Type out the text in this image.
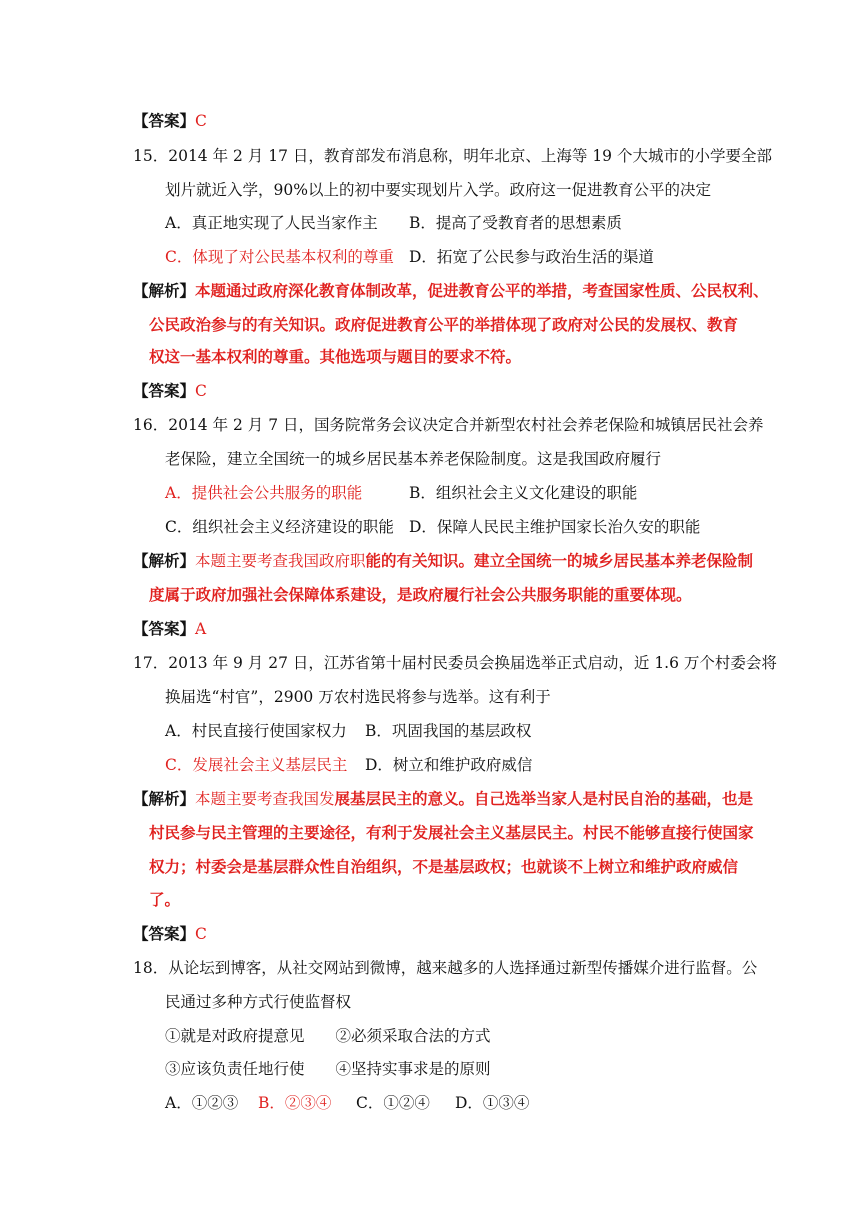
【答案】C
15．2014 年 2 月 17 日，教育部发布消息称，明年北京、上海等 19 个大城市的小学要全部
划片就近入学，90%以上的初中要实现划片入学。政府这一促进教育公平的决定
A．真正地实现了人民当家作主 B．提高了受教育者的思想素质
C．体现了对公民基本权利的尊重 D．拓宽了公民参与政治生活的渠道
【解析】本题通过政府深化教育体制改革，促进教育公平的举措，考查国家性质、公民权利、
公民政治参与的有关知识。政府促进教育公平的举措体现了政府对公民的发展权、教育
权这一基本权利的尊重。其他选项与题目的要求不符。
【答案】C
16．2014 年 2 月 7 日，国务院常务会议决定合并新型农村社会养老保险和城镇居民社会养
老保险，建立全国统一的城乡居民基本养老保险制度。这是我国政府履行
A．提供社会公共服务的职能	B．组织社会主义文化建设的职能
C．组织社会主义经济建设的职能 D．保障人民民主维护国家长治久安的职能
【解析】本题主要考查我国政府职能的有关知识。建立全国统一的城乡居民基本养老保险制
度属于政府加强社会保障体系建设，是政府履行社会公共服务职能的重要体现。
【答案】A
17．2013 年 9 月 27 日，江苏省第十届村民委员会换届选举正式启动，近 1.6 万个村委会将
换届选“村官”，2900 万农村选民将参与选举。这有利于
A．村民直接行使国家权力 B．巩固我国的基层政权
C．发展社会主义基层民主 D．树立和维护政府威信
【解析】本题主要考查我国发展基层民主的意义。自己选举当家人是村民自治的基础，也是
村民参与民主管理的主要途径，有利于发展社会主义基层民主。村民不能够直接行使国家
权力；村委会是基层群众性自治组织，不是基层政权；也就谈不上树立和维护政府威信
了。
【答案】C
18．从论坛到博客，从社交网站到微博，越来越多的人选择通过新型传播媒介进行监督。公
民通过多种方式行使监督权
①就是对政府提意见　　②必须采取合法的方式
③应该负责任地行使　　④坚持实事求是的原则
A．①②③ B．②③④ C．①②④ D．①③④
